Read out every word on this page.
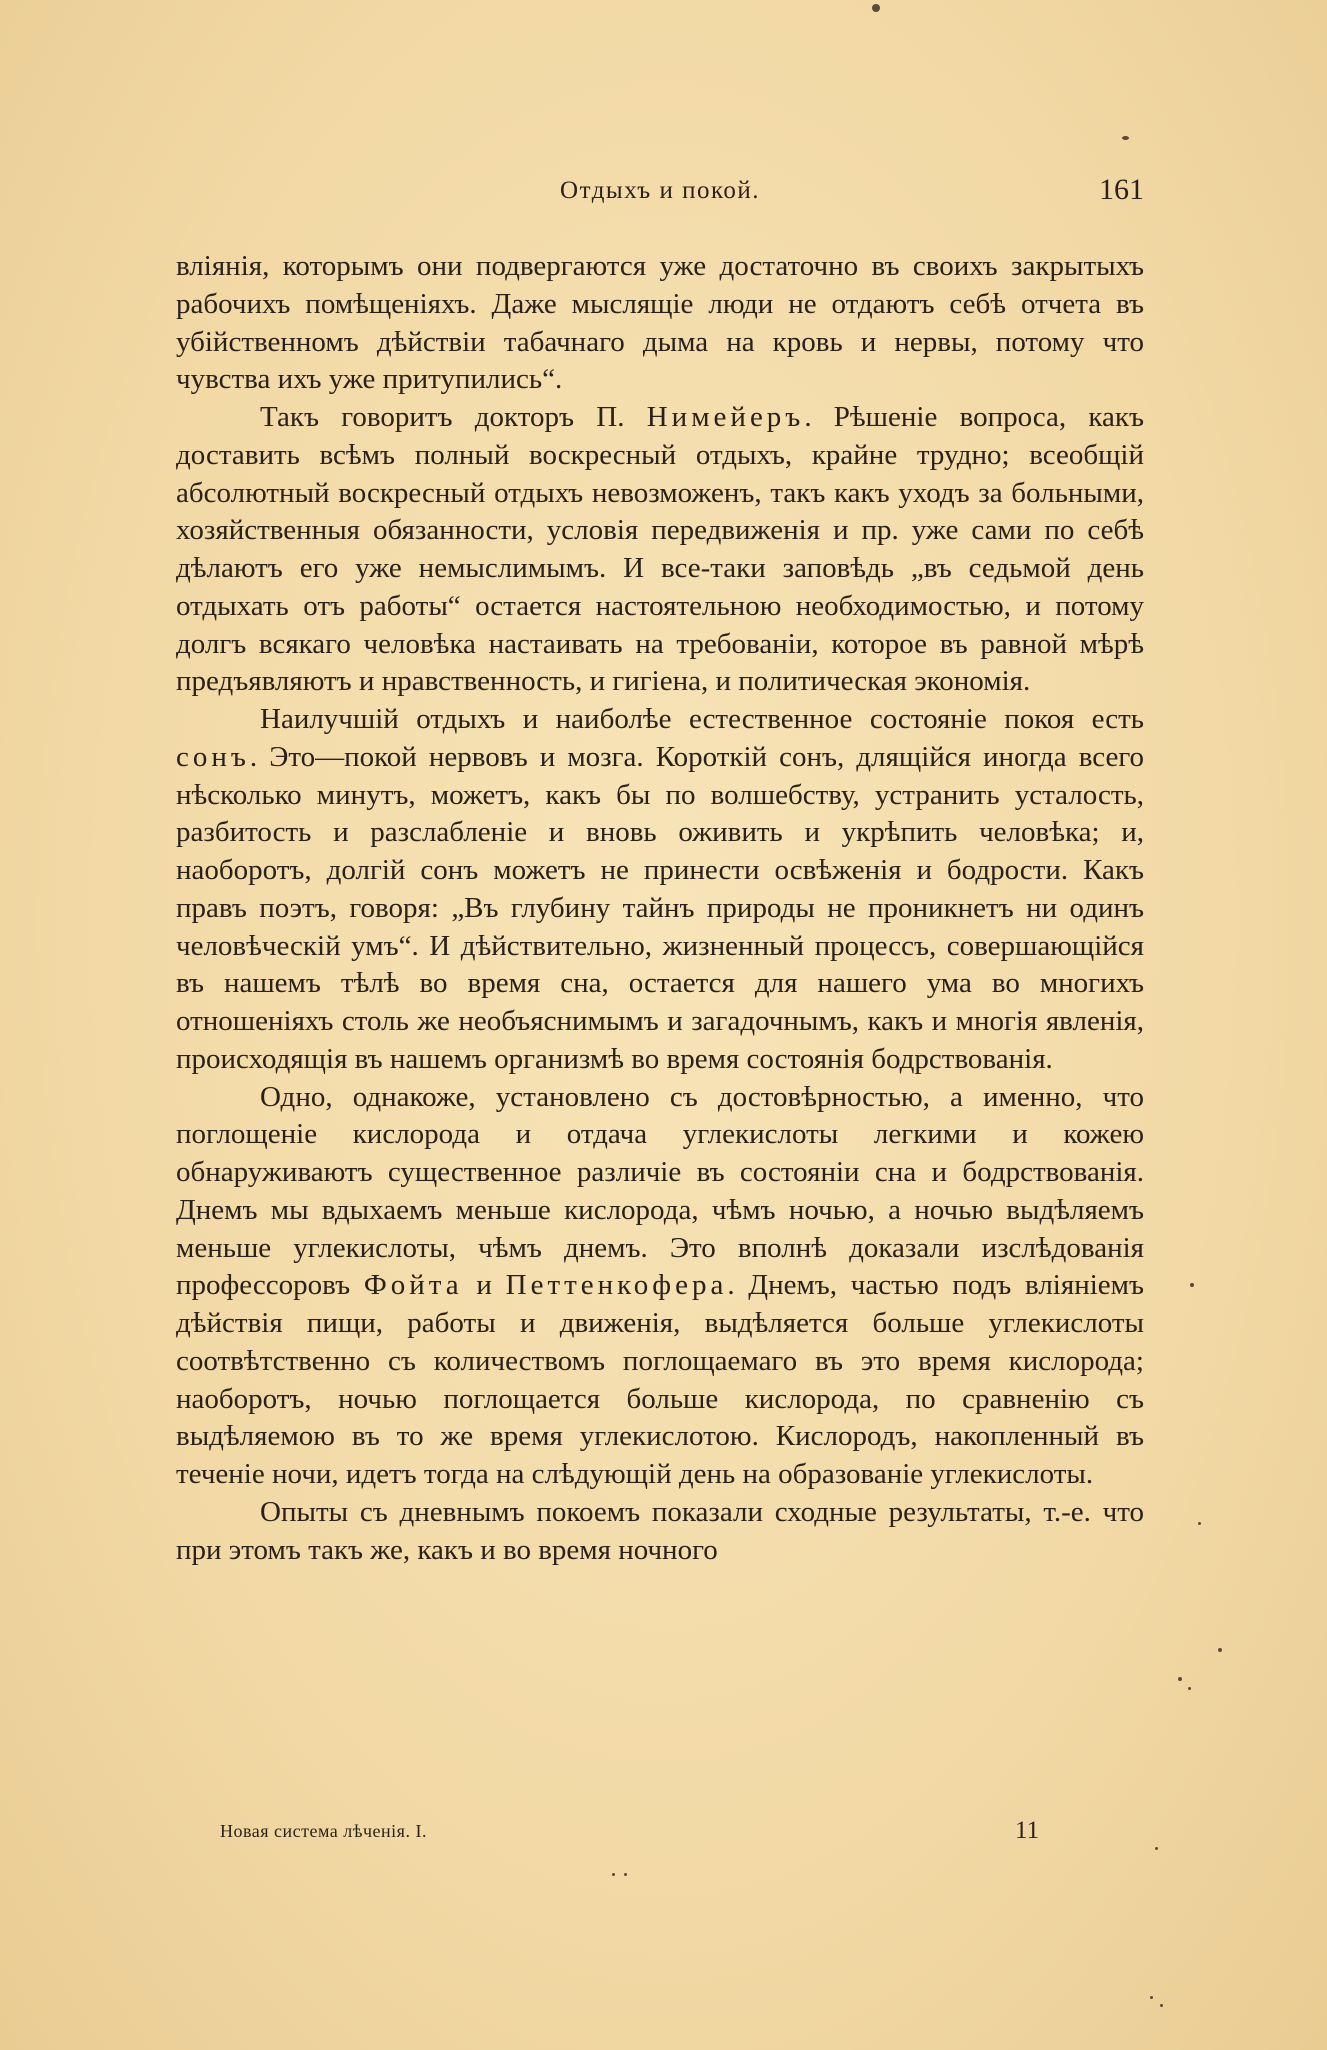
Отдыхъ и покой.	161

вліянія, которымъ они подвергаются уже достаточно въ своихъ закрытыхъ рабочихъ помѣщеніяхъ. Даже мыслящіе люди не отдаютъ себѣ отчета въ убійственномъ дѣйствіи табачнаго дыма на кровь и нервы, потому что чувства ихъ уже притупились“.

Такъ говоритъ докторъ П. Нимейеръ. Рѣшеніе вопроса, какъ доставить всѣмъ полный воскресный отдыхъ, крайне трудно; всеобщій абсолютный воскресный отдыхъ невозможенъ, такъ какъ уходъ за больными, хозяйственныя обязанности, условія передвиженія и пр. уже сами по себѣ дѣлаютъ его уже немыслимымъ. И все-таки заповѣдь „въ седьмой день отдыхать отъ работы“ остается настоятельною необходимостью, и потому долгъ всякаго человѣка настаивать на требованіи, которое въ равной мѣрѣ предъявляютъ и нравственность, и гигіена, и политическая экономія.

Наилучшій отдыхъ и наиболѣе естественное состояніе покоя есть сонъ. Это—покой нервовъ и мозга. Короткій сонъ, длящійся иногда всего нѣсколько минутъ, можетъ, какъ бы по волшебству, устранить усталость, разбитость и разслабленіе и вновь оживить и укрѣпить человѣка; и, наоборотъ, долгій сонъ можетъ не принести освѣженія и бодрости. Какъ правъ поэтъ, говоря: „Въ глубину тайнъ природы не проникнетъ ни одинъ человѣческій умъ“. И дѣйствительно, жизненный процессъ, совершающійся въ нашемъ тѣлѣ во время сна, остается для нашего ума во многихъ отношеніяхъ столь же необъяснимымъ и загадочнымъ, какъ и многія явленія, происходящія въ нашемъ организмѣ во время состоянія бодрствованія.

Одно, однакоже, установлено съ достовѣрностью, а именно, что поглощеніе кислорода и отдача углекислоты легкими и кожею обнаруживаютъ существенное различіе въ состояніи сна и бодрствованія. Днемъ мы вдыхаемъ меньше кислорода, чѣмъ ночью, а ночью выдѣляемъ меньше углекислоты, чѣмъ днемъ. Это вполнѣ доказали изслѣдованія профессоровъ Фойта и Петтенкофера. Днемъ, частью подъ вліяніемъ дѣйствія пищи, работы и движенія, выдѣляется больше углекислоты соотвѣтственно съ количествомъ поглощаемаго въ это время кислорода; наоборотъ, ночью поглощается больше кислорода, по сравненію съ выдѣляемою въ то же время углекислотою. Кислородъ, накопленный въ теченіе ночи, идетъ тогда на слѣдующій день на образованіе углекислоты.

Опыты съ дневнымъ покоемъ показали сходные результаты, т.-е. что при этомъ такъ же, какъ и во время ночного

Новая система лѣченія. I.	11
